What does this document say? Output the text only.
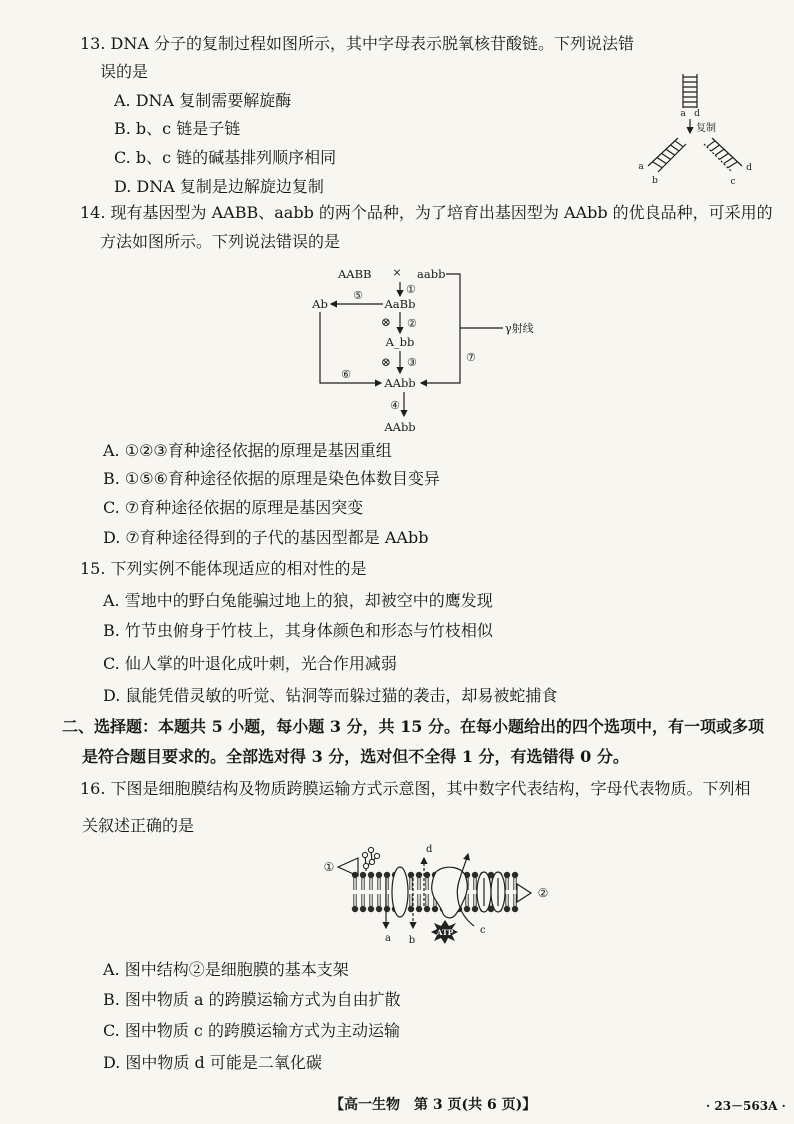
13. DNA 分子的复制过程如图所示，其中字母表示脱氧核苷酸链。下列说法错
误的是
A. DNA 复制需要解旋酶
B. b、c 链是子链
C. b、c 链的碱基排列顺序相同
D. DNA 复制是边解旋边复制
a d
复制
a
b	c
d
14. 现有基因型为 AABB、aabb 的两个品种，为了培育出基因型为 AAbb 的优良品种，可采用的
方法如图所示。下列说法错误的是
AABB × aabb
①
AaBb
⑤
Ab
⑥
⊗ ②
A_bb
⊗ ③
AAbb
⑦
γ射线
④
AAbb
A. ①②③育种途径依据的原理是基因重组
B. ①⑤⑥育种途径依据的原理是染色体数目变异
C. ⑦育种途径依据的原理是基因突变
D. ⑦育种途径得到的子代的基因型都是 AAbb
15. 下列实例不能体现适应的相对性的是
A. 雪地中的野白兔能骗过地上的狼，却被空中的鹰发现
B. 竹节虫俯身于竹枝上，其身体颜色和形态与竹枝相似
C. 仙人掌的叶退化成叶刺，光合作用减弱
D. 鼠能凭借灵敏的听觉、钻洞等而躲过猫的袭击，却易被蛇捕食
二、选择题：本题共 5 小题，每小题 3 分，共 15 分。在每小题给出的四个选项中，有一项或多项
是符合题目要求的。全部选对得 3 分，选对但不全得 1 分，有选错得 0 分。
16. 下图是细胞膜结构及物质跨膜运输方式示意图，其中数字代表结构，字母代表物质。下列相
关叙述正确的是
①
a b
d
c
ATP
②
A. 图中结构②是细胞膜的基本支架
B. 图中物质 a 的跨膜运输方式为自由扩散
C. 图中物质 c 的跨膜运输方式为主动运输
D. 图中物质 d 可能是二氧化碳
【高一生物　第 3 页(共 6 页)】	· 23－563A ·
